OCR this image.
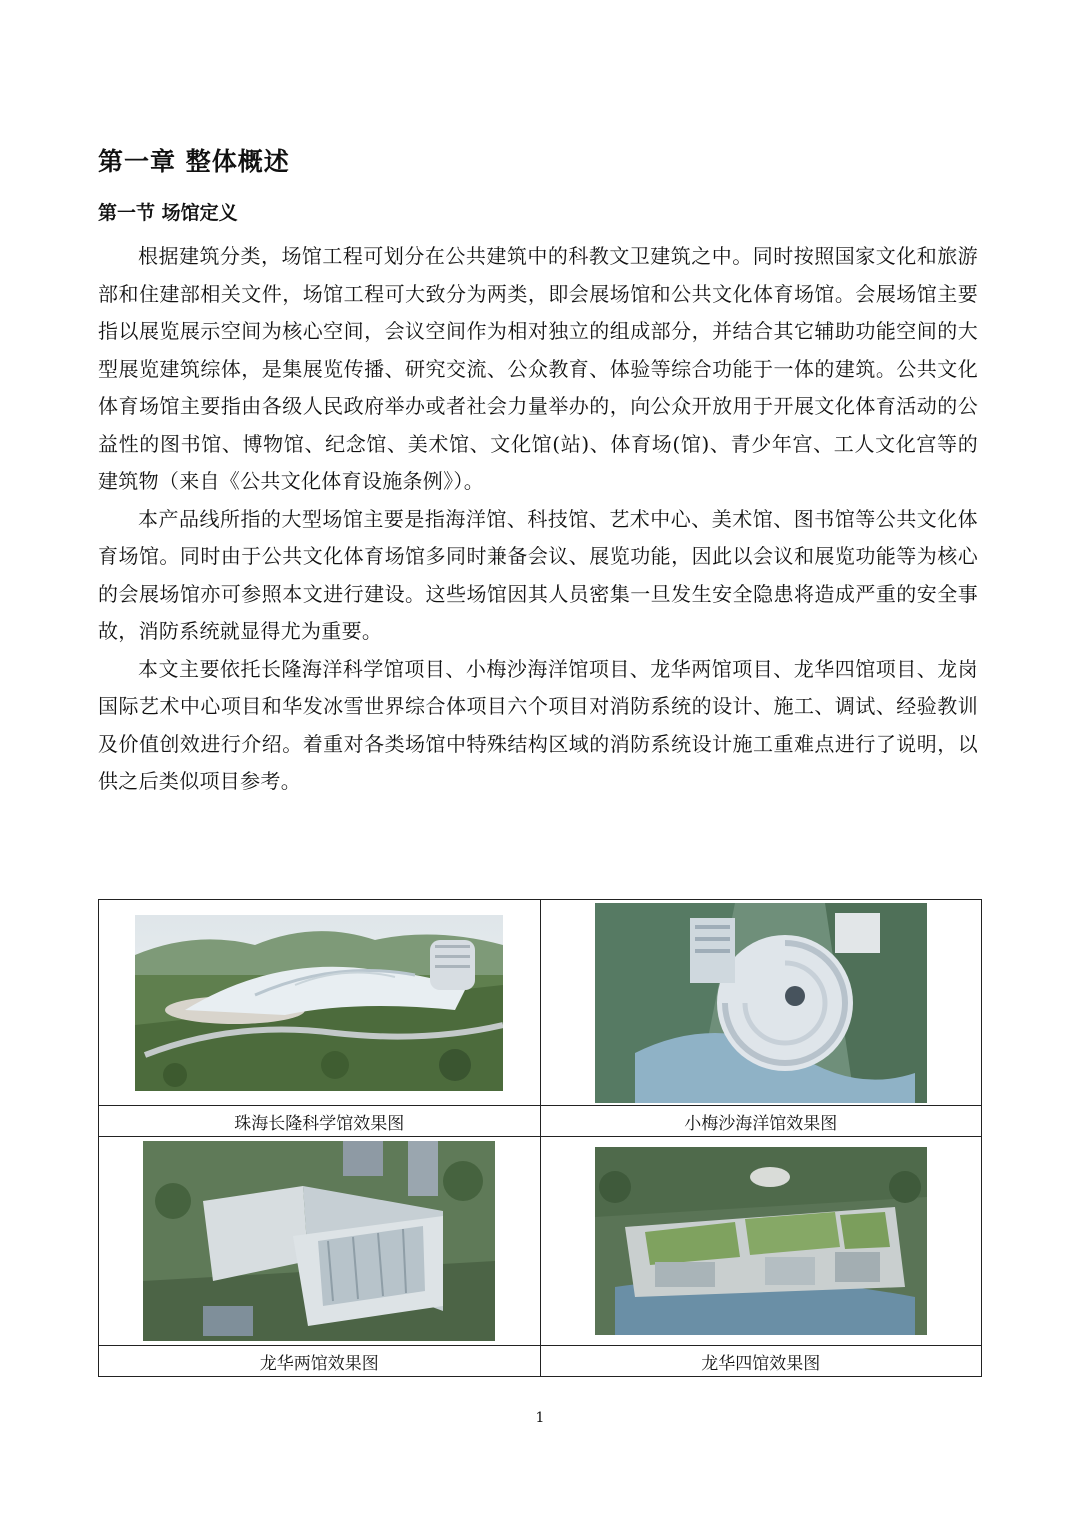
第一章 整体概述
第一节 场馆定义

根据建筑分类，场馆工程可划分在公共建筑中的科教文卫建筑之中。同时按照国家文化和旅游部和住建部相关文件，场馆工程可大致分为两类，即会展场馆和公共文化体育场馆。会展场馆主要指以展览展示空间为核心空间，会议空间作为相对独立的组成部分，并结合其它辅助功能空间的大型展览建筑综体，是集展览传播、研究交流、公众教育、体验等综合功能于一体的建筑。公共文化体育场馆主要指由各级人民政府举办或者社会力量举办的，向公众开放用于开展文化体育活动的公益性的图书馆、博物馆、纪念馆、美术馆、文化馆(站)、体育场(馆)、青少年宫、工人文化宫等的建筑物（来自《公共文化体育设施条例》）。

本产品线所指的大型场馆主要是指海洋馆、科技馆、艺术中心、美术馆、图书馆等公共文化体育场馆。同时由于公共文化体育场馆多同时兼备会议、展览功能，因此以会议和展览功能等为核心的会展场馆亦可参照本文进行建设。这些场馆因其人员密集一旦发生安全隐患将造成严重的安全事故，消防系统就显得尤为重要。

本文主要依托长隆海洋科学馆项目、小梅沙海洋馆项目、龙华两馆项目、龙华四馆项目、龙岗国际艺术中心项目和华发冰雪世界综合体项目六个项目对消防系统的设计、施工、调试、经验教训及价值创效进行介绍。着重对各类场馆中特殊结构区域的消防系统设计施工重难点进行了说明，以供之后类似项目参考。

珠海长隆科学馆效果图	小梅沙海洋馆效果图

龙华两馆效果图	龙华四馆效果图
1
